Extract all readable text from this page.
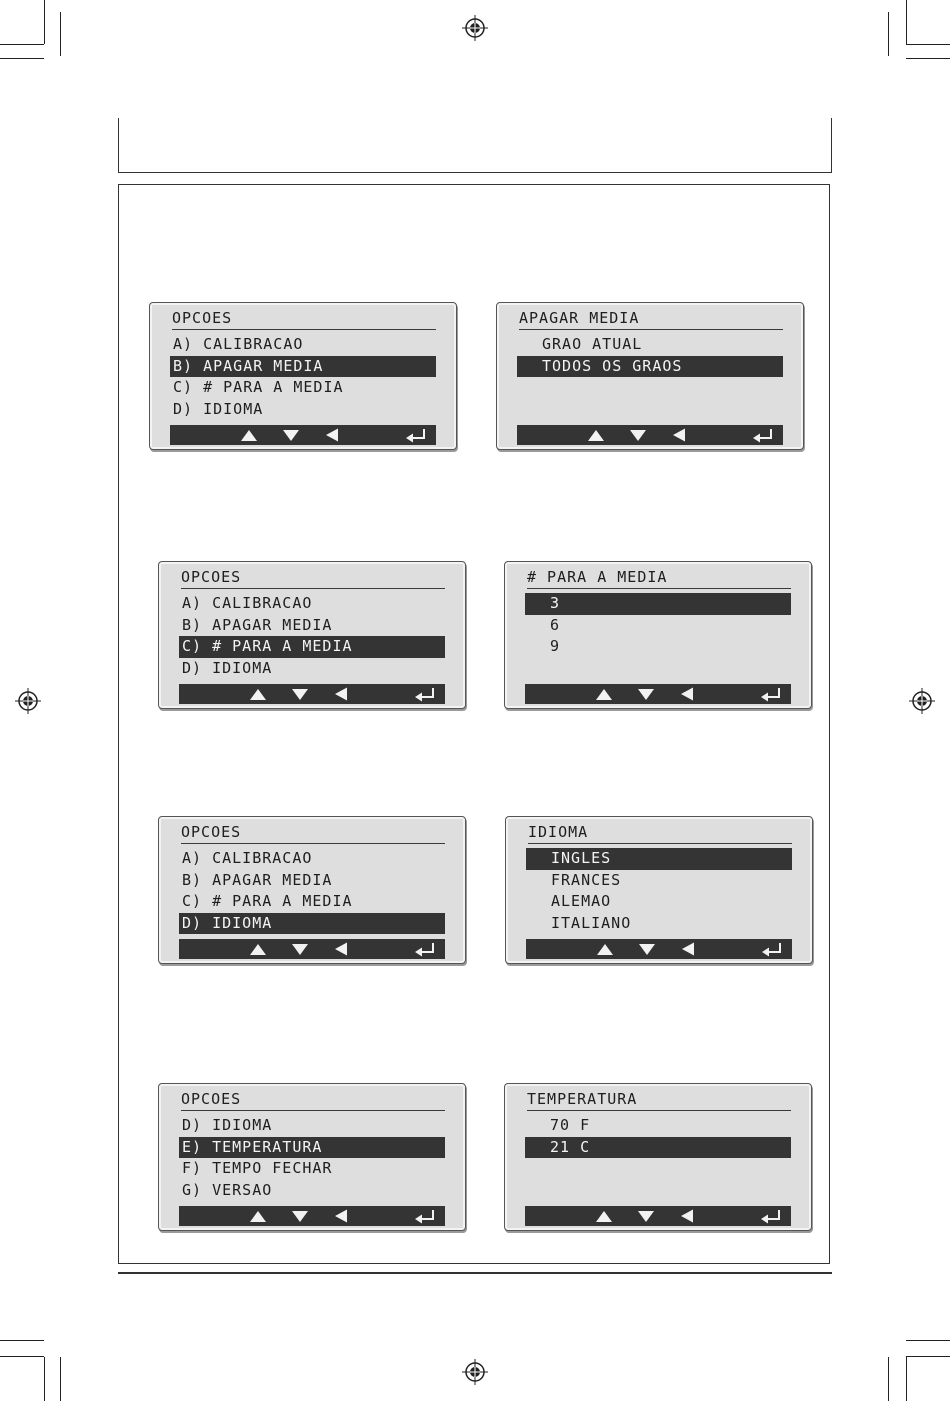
OPCOES
A) CALIBRACAO
B) APAGAR MEDIA
C) # PARA A MEDIA
D) IDIOMA
APAGAR MEDIA
GRAO ATUAL
TODOS OS GRAOS
OPCOES
A) CALIBRACAO
B) APAGAR MEDIA
C) # PARA A MEDIA
D) IDIOMA
# PARA A MEDIA
3
6
9
OPCOES
A) CALIBRACAO
B) APAGAR MEDIA
C) # PARA A MEDIA
D) IDIOMA
IDIOMA
INGLES
FRANCES
ALEMAO
ITALIANO
OPCOES
D) IDIOMA
E) TEMPERATURA
F) TEMPO FECHAR
G) VERSAO
TEMPERATURA
70 F
21 C
